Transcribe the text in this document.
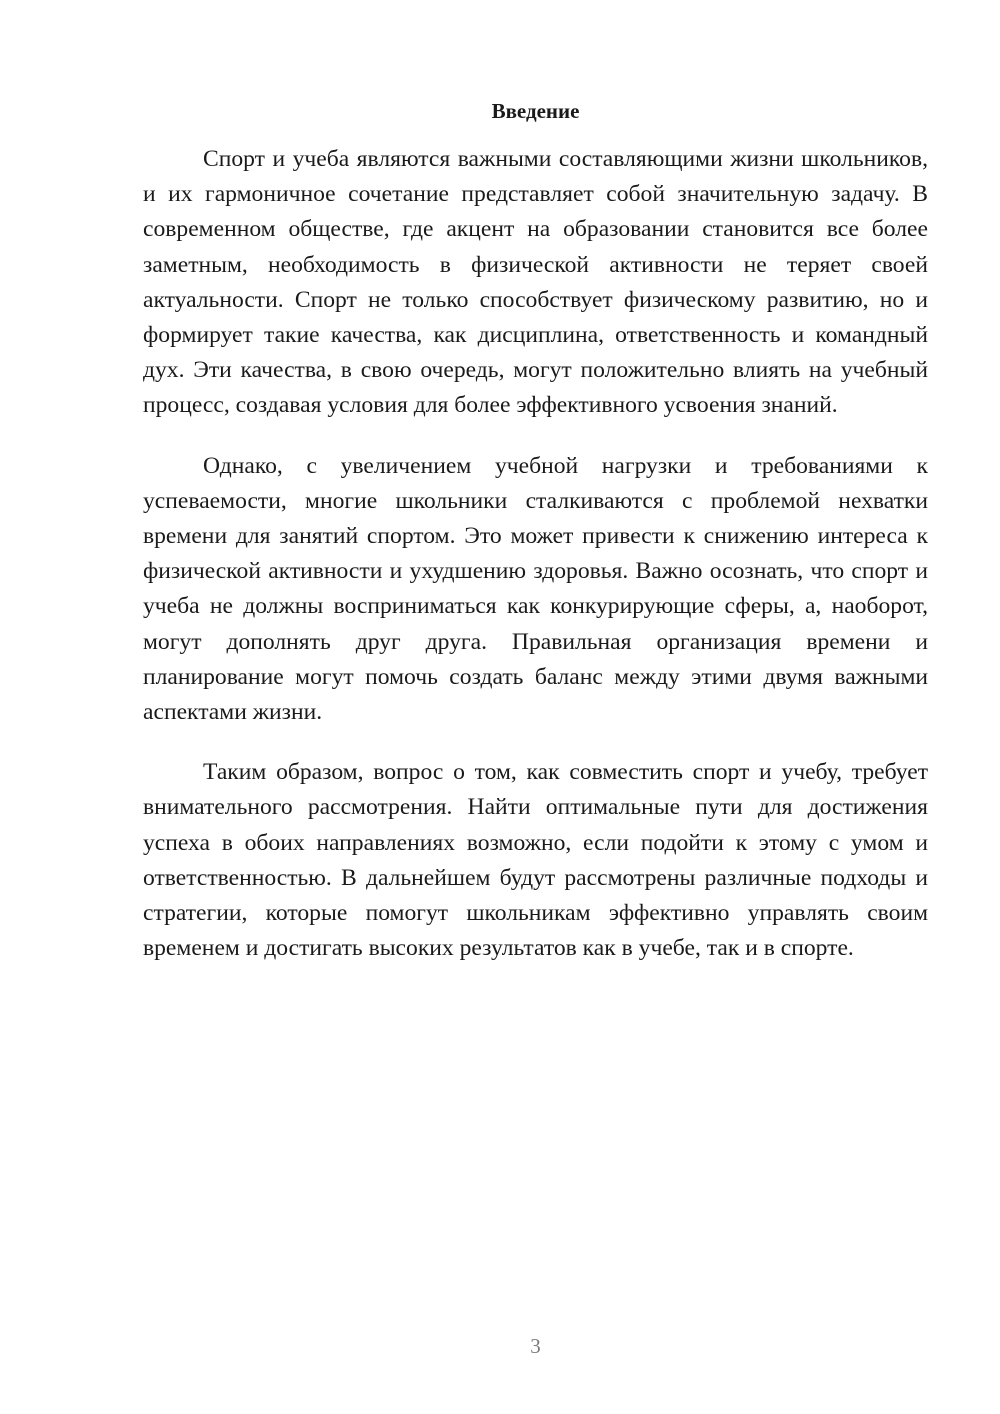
Введение

Спорт и учеба являются важными составляющими жизни школьников, и их гармоничное сочетание представляет собой значительную задачу. В современном обществе, где акцент на образовании становится все более заметным, необходимость в физической активности не теряет своей актуальности. Спорт не только способствует физическому развитию, но и формирует такие качества, как дисциплина, ответственность и командный дух. Эти качества, в свою очередь, могут положительно влиять на учебный процесс, создавая условия для более эффективного усвоения знаний.

Однако, с увеличением учебной нагрузки и требованиями к успеваемости, многие школьники сталкиваются с проблемой нехватки времени для занятий спортом. Это может привести к снижению интереса к физической активности и ухудшению здоровья. Важно осознать, что спорт и учеба не должны восприниматься как конкурирующие сферы, а, наоборот, могут дополнять друг друга. Правильная организация времени и планирование могут помочь создать баланс между этими двумя важными аспектами жизни.

Таким образом, вопрос о том, как совместить спорт и учебу, требует внимательного рассмотрения. Найти оптимальные пути для достижения успеха в обоих направлениях возможно, если подойти к этому с умом и ответственностью. В дальнейшем будут рассмотрены различные подходы и стратегии, которые помогут школьникам эффективно управлять своим временем и достигать высоких результатов как в учебе, так и в спорте.

3
